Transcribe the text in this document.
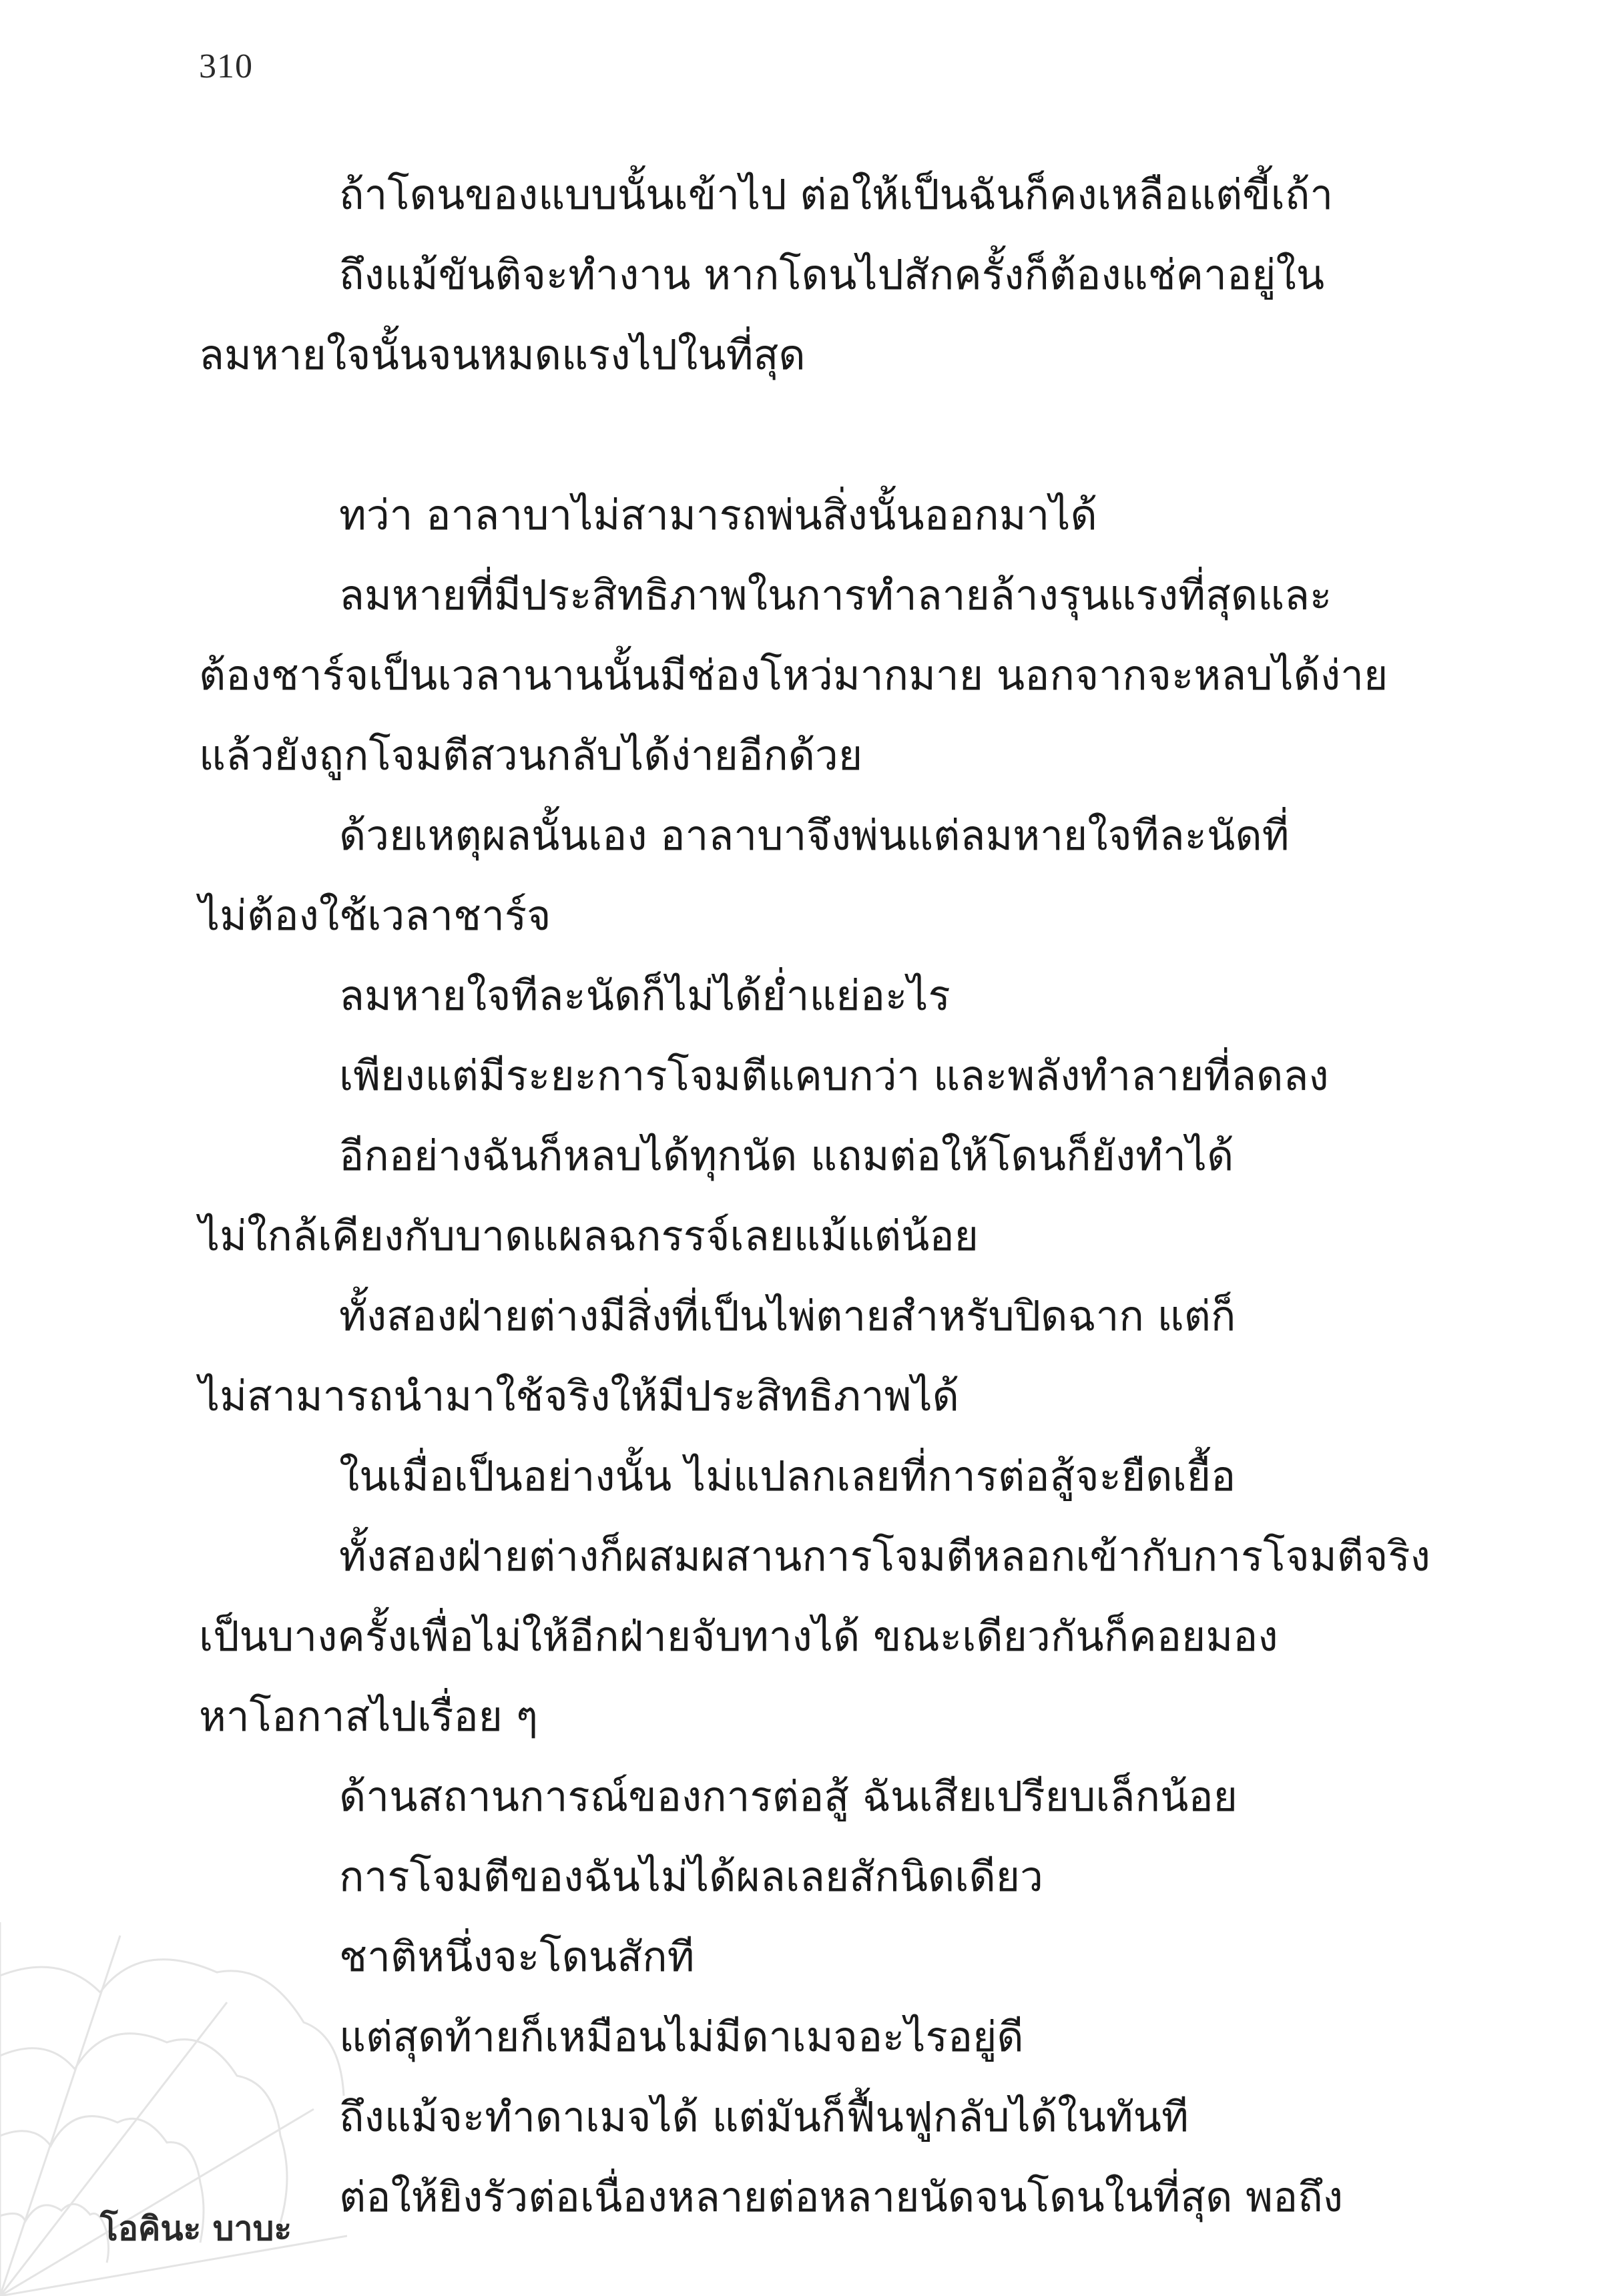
310
ถ้าโดนของแบบนั้นเข้าไป ต่อให้เป็นฉันก็คงเหลือแต่ขี้เถ้า
ถึงแม้ขันติจะทำงาน หากโดนไปสักครั้งก็ต้องแช่คาอยู่ใน
ลมหายใจนั้นจนหมดแรงไปในที่สุด
ทว่า อาลาบาไม่สามารถพ่นสิ่งนั้นออกมาได้
ลมหายที่มีประสิทธิภาพในการทำลายล้างรุนแรงที่สุดและ
ต้องชาร์จเป็นเวลานานนั้นมีช่องโหว่มากมาย นอกจากจะหลบได้ง่าย
แล้วยังถูกโจมตีสวนกลับได้ง่ายอีกด้วย
ด้วยเหตุผลนั้นเอง อาลาบาจึงพ่นแต่ลมหายใจทีละนัดที่
ไม่ต้องใช้เวลาชาร์จ
ลมหายใจทีละนัดก็ไม่ได้ย่ำแย่อะไร
เพียงแต่มีระยะการโจมตีแคบกว่า และพลังทำลายที่ลดลง
อีกอย่างฉันก็หลบได้ทุกนัด แถมต่อให้โดนก็ยังทำได้
ไม่ใกล้เคียงกับบาดแผลฉกรรจ์เลยแม้แต่น้อย
ทั้งสองฝ่ายต่างมีสิ่งที่เป็นไพ่ตายสำหรับปิดฉาก แต่ก็
ไม่สามารถนำมาใช้จริงให้มีประสิทธิภาพได้
ในเมื่อเป็นอย่างนั้น ไม่แปลกเลยที่การต่อสู้จะยืดเยื้อ
ทั้งสองฝ่ายต่างก็ผสมผสานการโจมตีหลอกเข้ากับการโจมตีจริง
เป็นบางครั้งเพื่อไม่ให้อีกฝ่ายจับทางได้ ขณะเดียวกันก็คอยมอง
หาโอกาสไปเรื่อย ๆ
ด้านสถานการณ์ของการต่อสู้ ฉันเสียเปรียบเล็กน้อย
การโจมตีของฉันไม่ได้ผลเลยสักนิดเดียว
ชาติหนึ่งจะโดนสักที
แต่สุดท้ายก็เหมือนไม่มีดาเมจอะไรอยู่ดี
ถึงแม้จะทำดาเมจได้ แต่มันก็ฟื้นฟูกลับได้ในทันที
ต่อให้ยิงรัวต่อเนื่องหลายต่อหลายนัดจนโดนในที่สุด พอถึง
โอคินะ บาบะ
